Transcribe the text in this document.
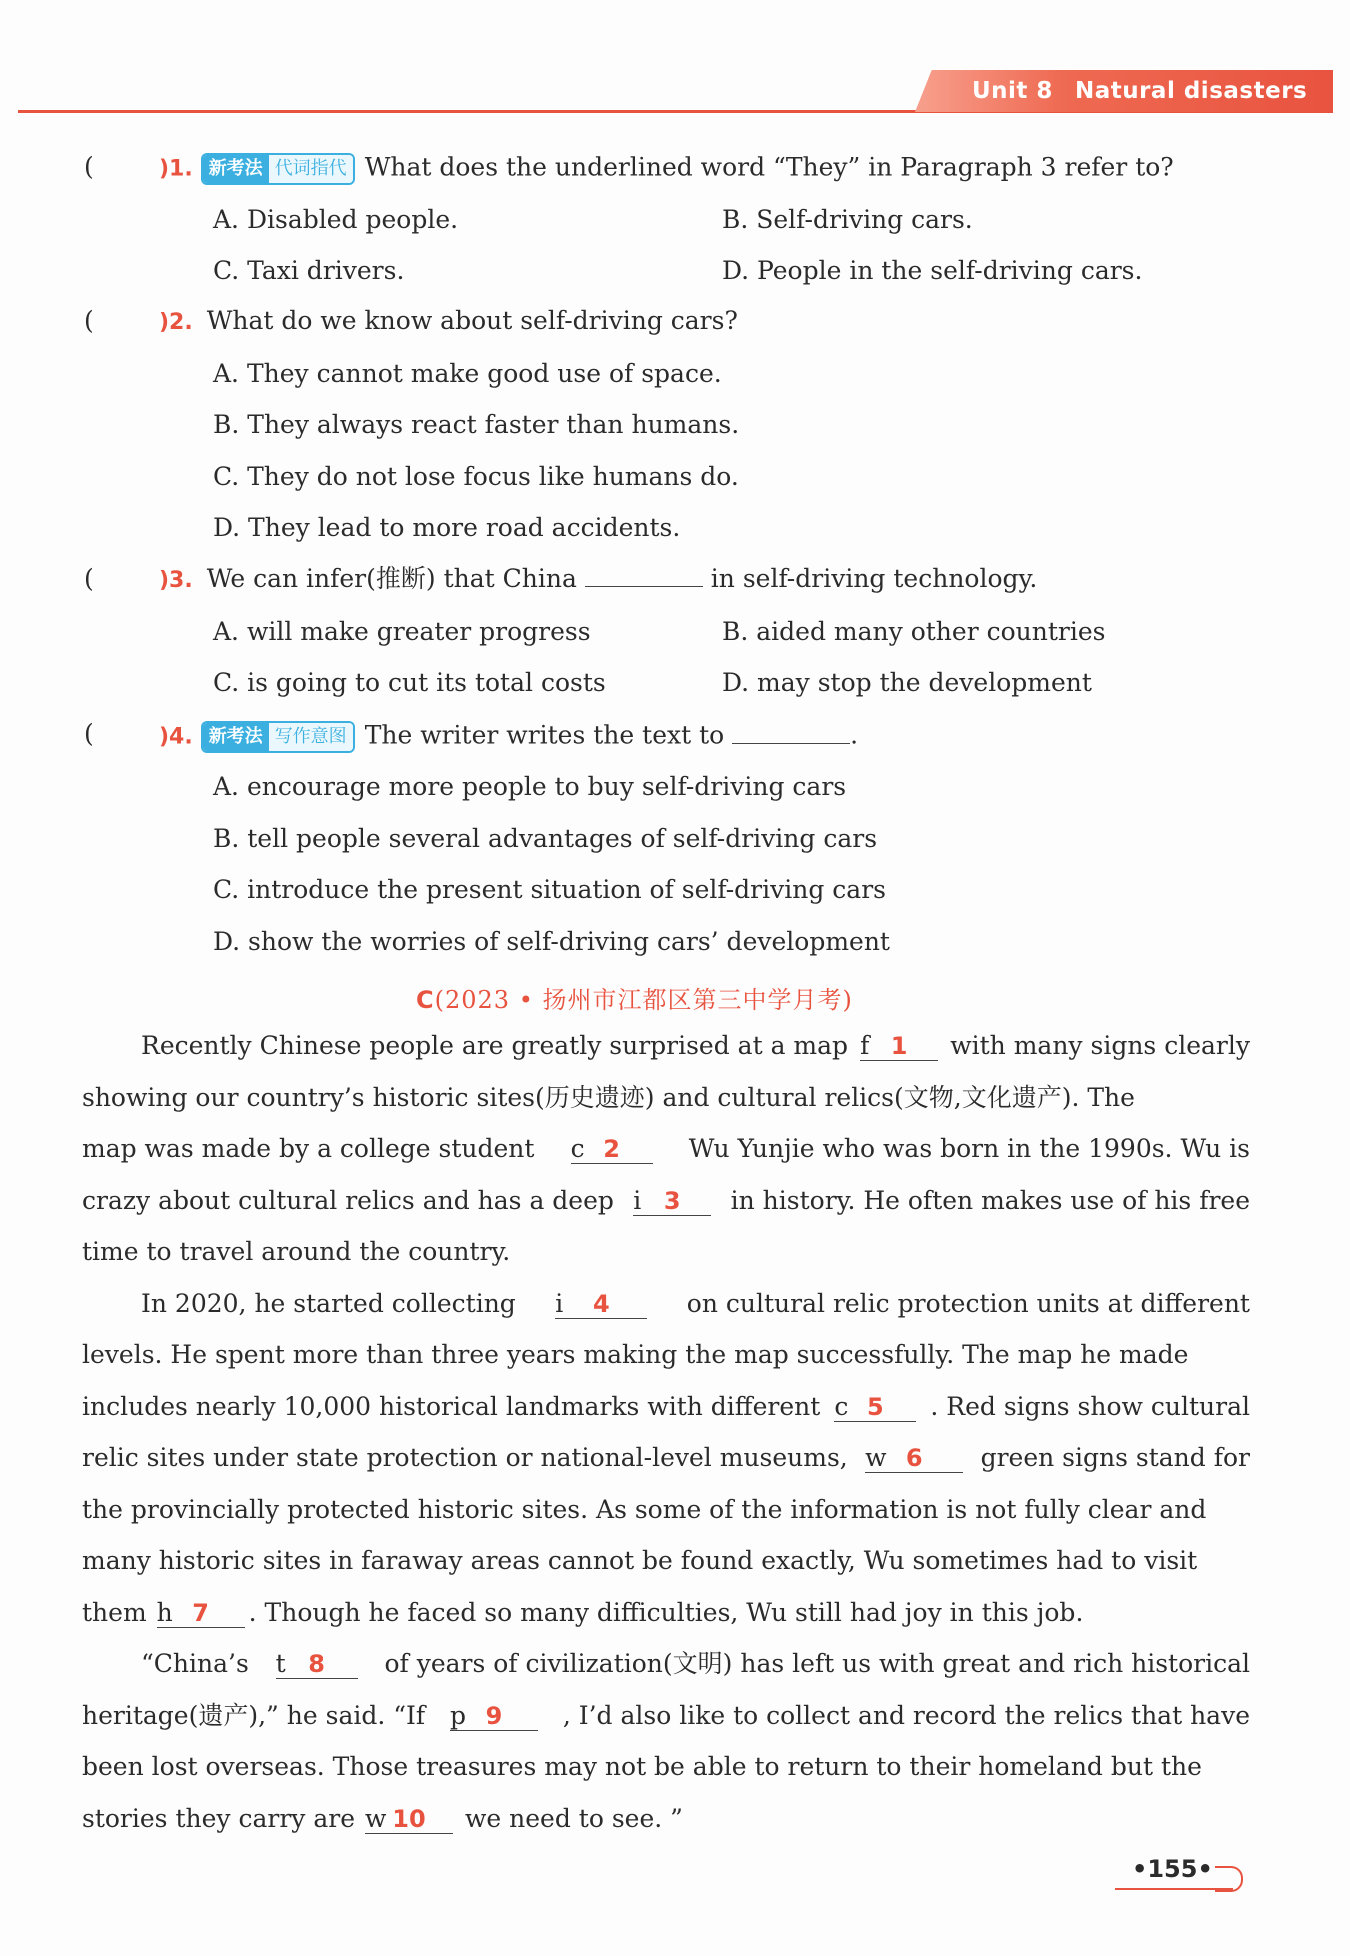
Unit 8 Natural disasters
(	)1. 新考法 代词指代 What does the underlined word “They” in Paragraph 3 refer to?
A. Disabled people.	B. Self-driving cars.
C. Taxi drivers.	D. People in the self-driving cars.
(	)2. What do we know about self-driving cars?
A. They cannot make good use of space.
B. They always react faster than humans.
C. They do not lose focus like humans do.
D. They lead to more road accidents.
(	)3. We can infer(推断) that China	in self-driving technology.
A. will make greater progress	B. aided many other countries
C. is going to cut its total costs	D. may stop the development
(	)4. 新考法 写作意图 The writer writes the text to	.
A. encourage more people to buy self-driving cars
B. tell people several advantages of self-driving cars
C. introduce the present situation of self-driving cars
D. show the worries of self-driving cars’ development
C(2023 • 扬州市江都区第三中学月考)
Recently Chinese people are greatly surprised at a map f 1	with many signs clearly
showing our country’s historic sites(历史遗迹) and cultural relics(文物,文化遗产). The
map was made by a college student c 2	Wu Yunjie who was born in the 1990s. Wu is
crazy about cultural relics and has a deep i 3	in history. He often makes use of his free
time to travel around the country.
In 2020, he started collecting i 4	on cultural relic protection units at different
levels. He spent more than three years making the map successfully. The map he made
includes nearly 10,000 historical landmarks with different c 5	. Red signs show cultural
relic sites under state protection or national-level museums, w 6	green signs stand for
the provincially protected historic sites. As some of the information is not fully clear and
many historic sites in faraway areas cannot be found exactly, Wu sometimes had to visit
them h 7	. Though he faced so many difficulties, Wu still had joy in this job.
“China’s t 8	of years of civilization(文明) has left us with great and rich historical
heritage(遗产),” he said. “If p 9	, I’d also like to collect and record the relics that have
been lost overseas. Those treasures may not be able to return to their homeland but the
stories they carry are w 10	we need to see. ”
•155•
